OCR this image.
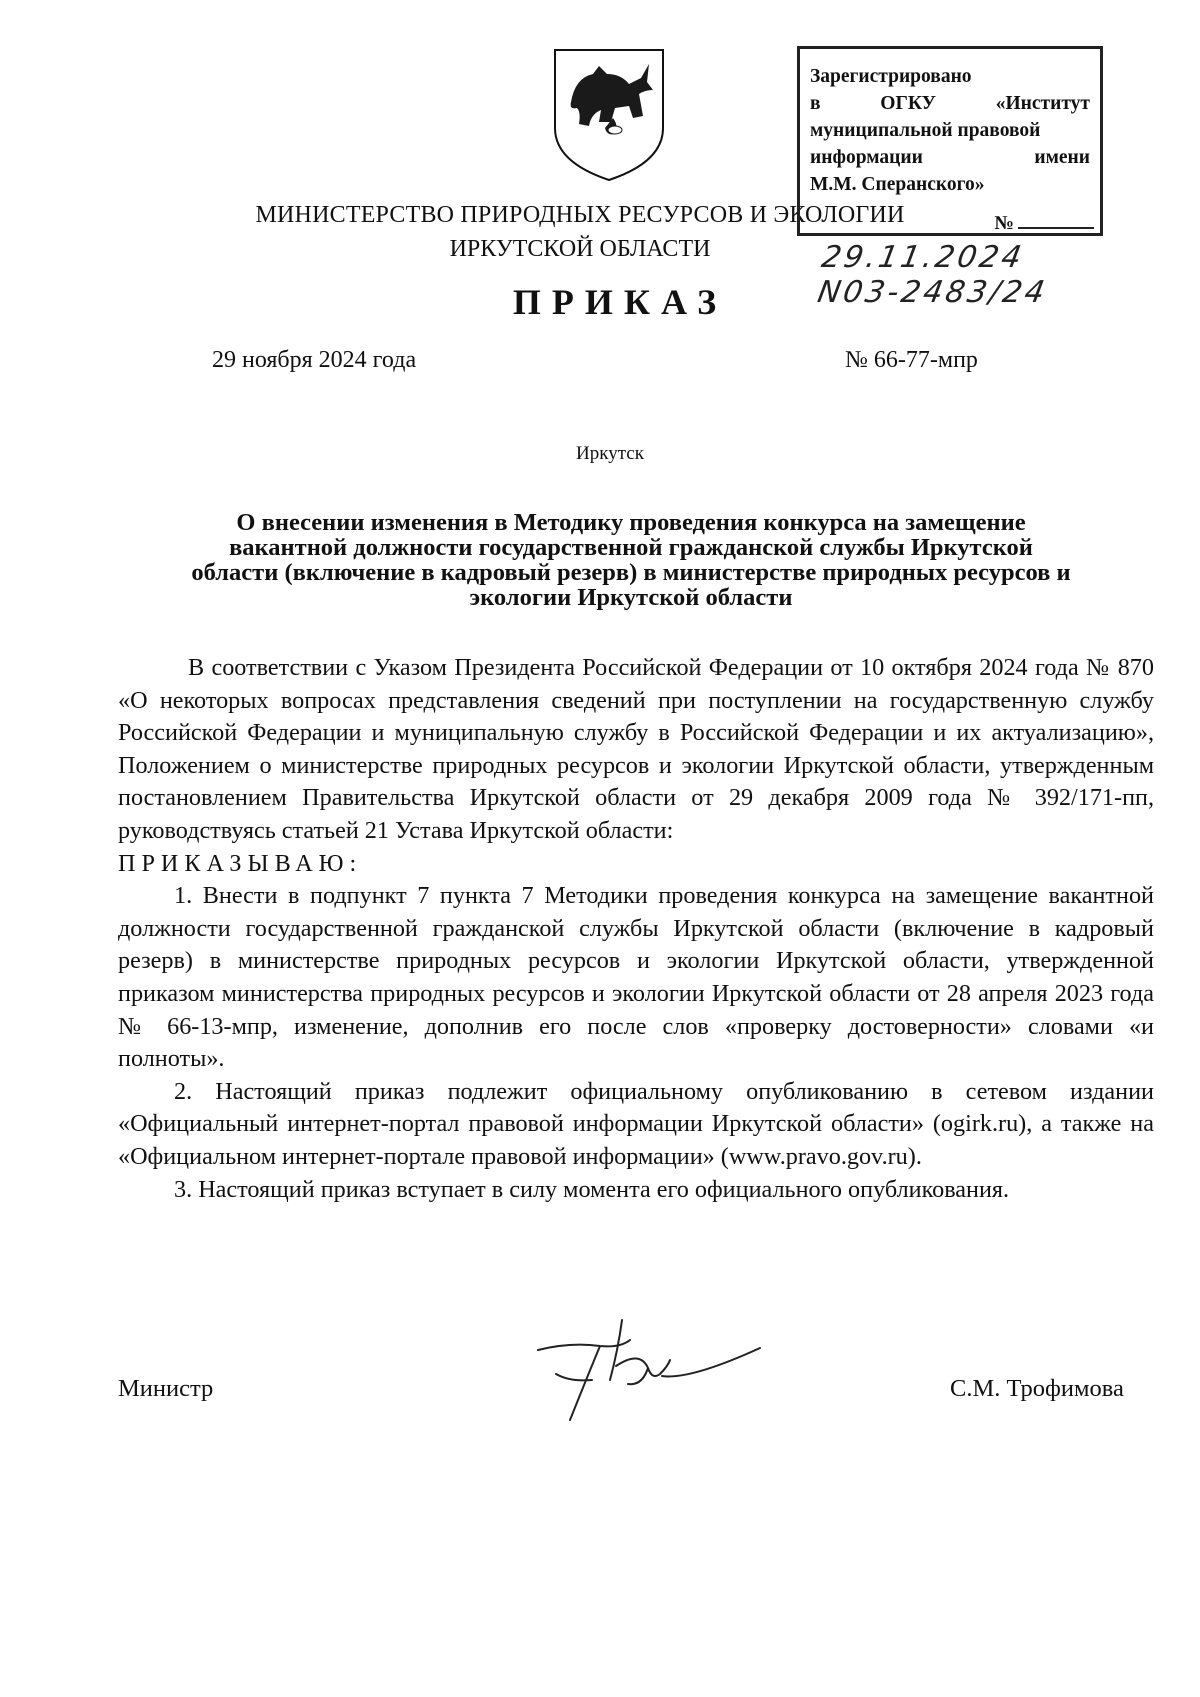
МИНИСТЕРСТВО ПРИРОДНЫХ РЕСУРСОВ И ЭКОЛОГИИ
ИРКУТСКОЙ ОБЛАСТИ
Зарегистрировано
в	ОГКУ	«Институт
муниципальной правовой
информации	имени
М.М. Сперанского»
№
29.11.2024
N03-2483/24
ПРИКАЗ
29 ноября 2024 года	№ 66-77-мпр
Иркутск
О внесении изменения в Методику проведения конкурса на замещение
вакантной должности государственной гражданской службы Иркутской
области (включение в кадровый резерв) в министерстве природных ресурсов и
экологии Иркутской области

В соответствии с Указом Президента Российской Федерации от 10 октября 2024 года № 870 «О некоторых вопросах представления сведений при поступлении на государственную службу Российской Федерации и муниципальную службу в Российской Федерации и их актуализацию», Положением о министерстве природных ресурсов и экологии Иркутской области, утвержденным постановлением Правительства Иркутской области от 29 декабря 2009 года № 392/171-пп, руководствуясь статьей 21 Устава Иркутской области:

ПРИКАЗЫВАЮ:

1. Внести в подпункт 7 пункта 7 Методики проведения конкурса на замещение вакантной должности государственной гражданской службы Иркутской области (включение в кадровый резерв) в министерстве природных ресурсов и экологии Иркутской области, утвержденной приказом министерства природных ресурсов и экологии Иркутской области от 28 апреля 2023 года № 66-13-мпр, изменение, дополнив его после слов «проверку достоверности» словами «и полноты».

2. Настоящий приказ подлежит официальному опубликованию в сетевом издании «Официальный интернет-портал правовой информации Иркутской области» (ogirk.ru), а также на «Официальном интернет-портале правовой информации» (www.pravo.gov.ru).

3. Настоящий приказ вступает в силу момента его официального опубликования.

Министр	С.М. Трофимова
